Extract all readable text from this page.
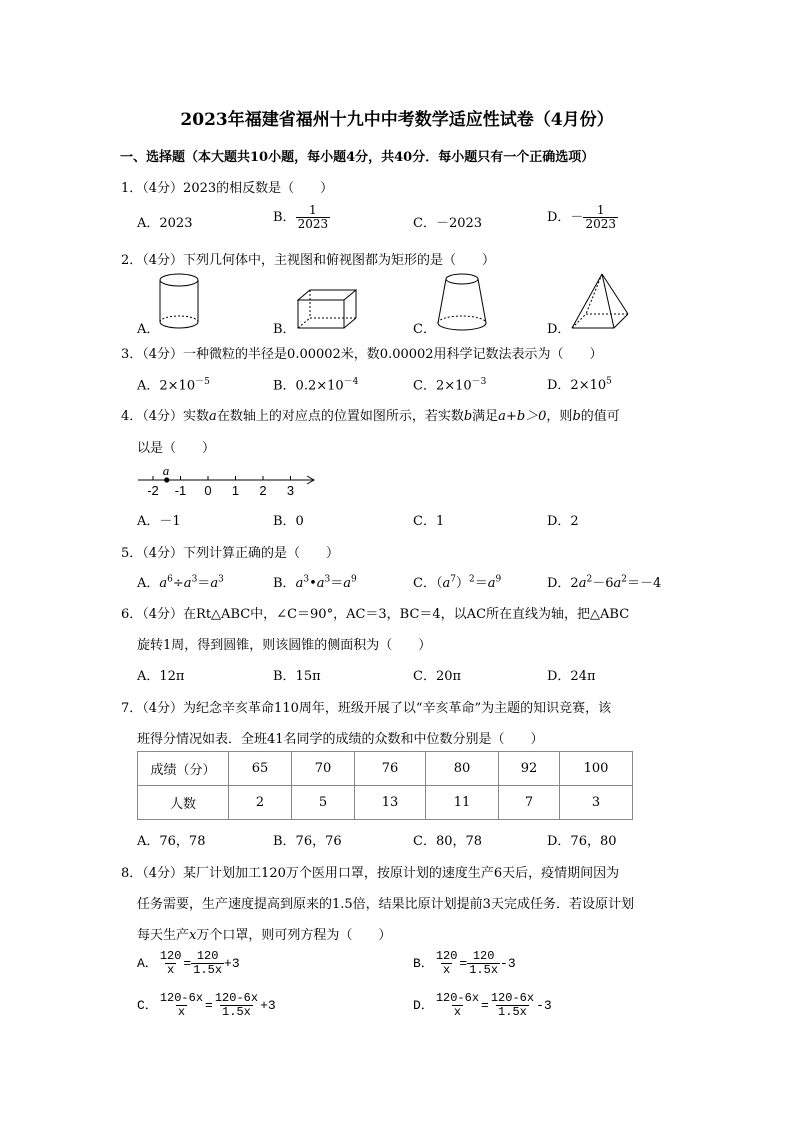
2023年福建省福州十九中中考数学适应性试卷（4月份）
一、选择题（本大题共10小题，每小题4分，共40分．每小题只有一个正确选项）
1．（4分）2023的相反数是（　　）
A．2023	B． $\frac{1}{2023}$	C．－2023	D．－ $\frac{1}{2023}$
2．（4分）下列几何体中，主视图和俯视图都为矩形的是（　　）
A．	B．	C．	D．
3．（4分）一种微粒的半径是0.00002米，数0.00002用科学记数法表示为（　　）
A．$2\times 10^{-5}$	B．$0.2\times 10^{-4}$	C．$2\times 10^{-3}$	D．$2\times 10^5$
4．（4分）实数a在数轴上的对应点的位置如图所示，若实数b满足a+b＞0，则b的值可
以是（　　）
-2 -1 0 1 2 3
a
A．－1	B．0	C．1	D．2
5．（4分）下列计算正确的是（　　）
A．$a^6\div a^3=a^3$	B．$a^3•a^3=a^9$	C．$(a^7)^2=a^9$	D．$2a^2-6a^2=-4$
6．（4分）在Rt△ABC中，∠C＝90°，AC＝3，BC＝4，以AC所在直线为轴，把△ABC
旋转1周，得到圆锥，则该圆锥的侧面积为（　　）
A．12π	B．15π	C．20π	D．24π
7．（4分）为纪念辛亥革命110周年，班级开展了以“辛亥革命”为主题的知识竞赛，该
班得分情况如表．全班41名同学的成绩的众数和中位数分别是（　　）
成绩（分）	65	70	76	80	92	100
人数	2	5	13	11	7	3
A．76，78	B．76，76	C．80，78	D．76，80
8．（4分）某厂计划加工120万个医用口罩，按原计划的速度生产6天后，疫情期间因为
任务需要，生产速度提高到原来的1.5倍，结果比原计划提前3天完成任务．若设原计划
每天生产x万个口罩，则可列方程为（　　）
A． $\frac{120}{x} = \frac{120}{1.5x} +3$	B． $\frac{120}{x} = \frac{120}{1.5x} -3$
C． $\frac{120-6x}{x} = \frac{120-6x}{1.5x} +3$	D． $\frac{120-6x}{x} = \frac{120-6x}{1.5x} -3$
